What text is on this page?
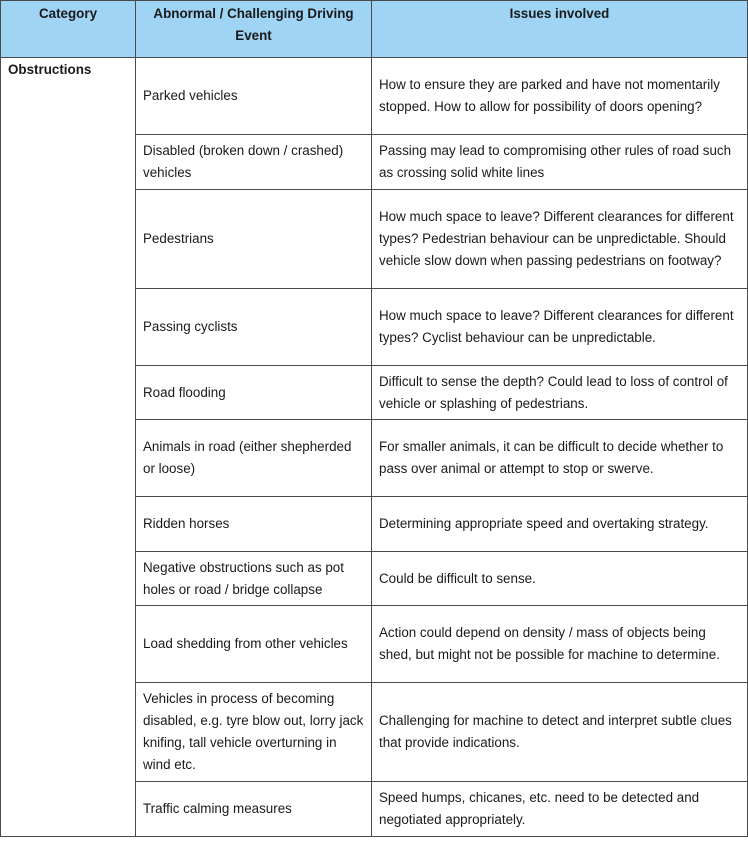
Category	Abnormal / Challenging Driving Event	Issues involved
Obstructions	Parked vehicles	How to ensure they are parked and have not momentarily stopped. How to allow for possibility of doors opening?
	Disabled (broken down / crashed) vehicles	Passing may lead to compromising other rules of road such as crossing solid white lines
	Pedestrians	How much space to leave? Different clearances for different types? Pedestrian behaviour can be unpredictable. Should vehicle slow down when passing pedestrians on footway?
	Passing cyclists	How much space to leave? Different clearances for different types? Cyclist behaviour can be unpredictable.
	Road flooding	Difficult to sense the depth? Could lead to loss of control of vehicle or splashing of pedestrians.
	Animals in road (either shepherded or loose)	For smaller animals, it can be difficult to decide whether to pass over animal or attempt to stop or swerve.
	Ridden horses	Determining appropriate speed and overtaking strategy.
	Negative obstructions such as pot holes or road / bridge collapse	Could be difficult to sense.
	Load shedding from other vehicles	Action could depend on density / mass of objects being shed, but might not be possible for machine to determine.
	Vehicles in process of becoming disabled, e.g. tyre blow out, lorry jack knifing, tall vehicle overturning in wind etc.	Challenging for machine to detect and interpret subtle clues that provide indications.
	Traffic calming measures	Speed humps, chicanes, etc. need to be detected and negotiated appropriately.
